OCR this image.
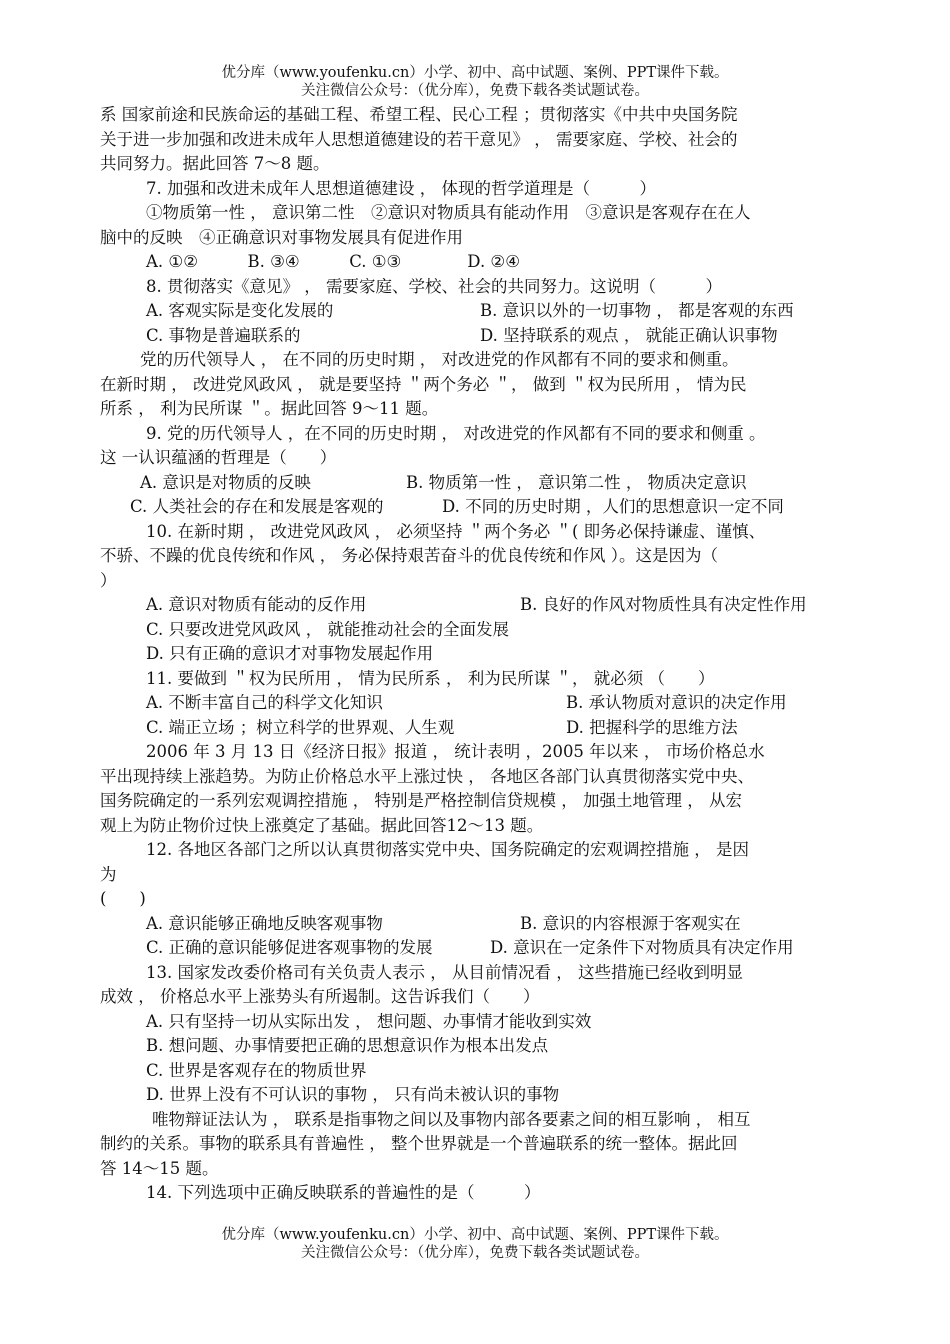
优分库（www.youfenku.cn）小学、初中、高中试题、案例、PPT课件下载。
关注微信公众号：（优分库），免费下载各类试题试卷。
系 国家前途和民族命运的基础工程、希望工程、民心工程 ；贯彻落实《中共中央国务院
关于进一步加强和改进未成年人思想道德建设的若干意见》 ， 需要家庭、学校、社会的
共同努力。据此回答 7～8 题。
7. 加强和改进未成年人思想道德建设 ， 体现的哲学道理是（　　　）
①物质第一性 ， 意识第二性　②意识对物质具有能动作用　③意识是客观存在在人
脑中的反映　④正确意识对事物发展具有促进作用
A. ①②　　　B. ③④　　　C. ①③　　　　D. ②④
8. 贯彻落实《意见》 ， 需要家庭、学校、社会的共同努力。这说明（　　　）
A. 客观实际是变化发展的	B. 意识以外的一切事物 ， 都是客观的东西
C. 事物是普遍联系的	D. 坚持联系的观点 ， 就能正确认识事物
党的历代领导人 ， 在不同的历史时期 ， 对改进党的作风都有不同的要求和侧重。
在新时期 ， 改进党风政风 ， 就是要坚持 ＂两个务必 ＂， 做到 ＂权为民所用 ， 情为民
所系 ， 利为民所谋 ＂。据此回答 9～11 题。
9. 党的历代领导人 ，在不同的历史时期 ， 对改进党的作风都有不同的要求和侧重 。
这 一认识蕴涵的哲理是（　　）
A. 意识是对物质的反映	B. 物质第一性 ， 意识第二性 ， 物质决定意识
C. 人类社会的存在和发展是客观的	D. 不同的历史时期 ，人们的思想意识一定不同
10. 在新时期 ， 改进党风政风 ， 必须坚持 ＂两个务必 ＂( 即务必保持谦虚、谨慎、
不骄、不躁的优良传统和作风 ， 务必保持艰苦奋斗的优良传统和作风 ）。这是因为（
）
A. 意识对物质有能动的反作用	B. 良好的作风对物质性具有决定性作用
C. 只要改进党风政风 ， 就能推动社会的全面发展
D. 只有正确的意识才对事物发展起作用
11. 要做到 ＂权为民所用 ， 情为民所系 ， 利为民所谋 ＂， 就必须 （　　）
A. 不断丰富自己的科学文化知识	B. 承认物质对意识的决定作用
C. 端正立场 ；树立科学的世界观、人生观	D. 把握科学的思维方法
2006 年 3 月 13 日《经济日报》报道 ， 统计表明 ，2005 年以来 ， 市场价格总水
平出现持续上涨趋势。为防止价格总水平上涨过快 ， 各地区各部门认真贯彻落实党中央、
国务院确定的一系列宏观调控措施 ， 特别是严格控制信贷规模 ， 加强土地管理 ， 从宏
观上为防止物价过快上涨奠定了基础。据此回答12～13 题。
12. 各地区各部门之所以认真贯彻落实党中央、国务院确定的宏观调控措施 ， 是因
为
(　　)
A. 意识能够正确地反映客观事物	B. 意识的内容根源于客观实在
C. 正确的意识能够促进客观事物的发展	D. 意识在一定条件下对物质具有决定作用
13. 国家发改委价格司有关负责人表示 ， 从目前情况看 ， 这些措施已经收到明显
成效 ， 价格总水平上涨势头有所遏制。这告诉我们（　　）
A. 只有坚持一切从实际出发 ， 想问题、办事情才能收到实效
B. 想问题、办事情要把正确的思想意识作为根本出发点
C. 世界是客观存在的物质世界
D. 世界上没有不可认识的事物 ， 只有尚未被认识的事物
唯物辩证法认为 ， 联系是指事物之间以及事物内部各要素之间的相互影响 ， 相互
制约的关系。事物的联系具有普遍性 ， 整个世界就是一个普遍联系的统一整体。据此回
答 14～15 题。
14. 下列选项中正确反映联系的普遍性的是（　　　）
优分库（www.youfenku.cn）小学、初中、高中试题、案例、PPT课件下载。
关注微信公众号：（优分库），免费下载各类试题试卷。
